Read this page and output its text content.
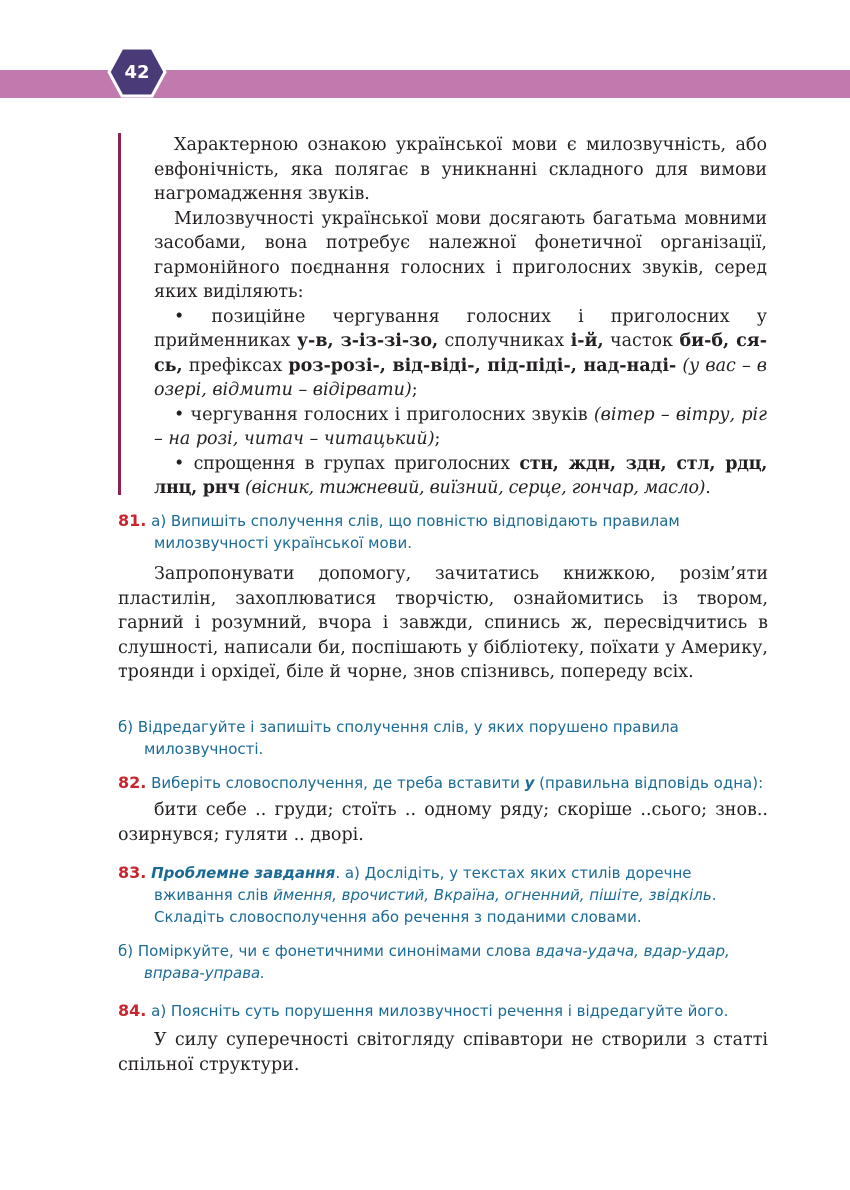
42

Характерною ознакою української мови є милозвучність, або евфонічність, яка полягає в уникнанні складного для вимови нагромадження звуків.

Милозвучності української мови досягають багатьма мовними засобами, вона потребує належної фонетичної організації, гармонійного поєднання голосних і приголосних звуків, серед яких виділяють:

• позиційне чергування голосних і приголосних у прийменниках у-в, з-із-зі-зо, сполучниках і-й, часток би-б, ся-сь, префіксах роз-розі-, від-віді-, під-піді-, над-наді- (у вас – в озері, відмити – відірвати);

• чергування голосних і приголосних звуків (вітер – вітру, ріг – на розі, читач – читацький);

• спрощення в групах приголосних стн, ждн, здн, стл, рдц, лнц, рнч (вісник, тижневий, виїзний, серце, гончар, масло).

81. а) Випишіть сполучення слів, що повністю відповідають правилам милозвучності української мови.
Запропонувати допомогу, зачитатись книжкою, розім’яти пластилін, захоплюватися творчістю, ознайомитись із твором, гарний і розумний, вчора і завжди, спинись ж, пересвідчитись в слушності, написали би, поспішають у бібліотеку, поїхати у Америку, троянди і орхідеї, біле й чорне, знов спізнивсь, попереду всіх.
б) Відредагуйте і запишіть сполучення слів, у яких порушено правила милозвучності.
82. Виберіть словосполучення, де треба вставити у (правильна відповідь одна):
бити себе .. груди; стоїть .. одному ряду; скоріше ..сього; знов.. озирнувся; гуляти .. дворі.
83. Проблемне завдання. а) Дослідіть, у текстах яких стилів доречне вживання слів ймення, врочистий, Вкраїна, огненний, пішіте, звідкіль. Складіть словосполучення або речення з поданими словами.
б) Поміркуйте, чи є фонетичними синонімами слова вдача-удача, вдар-удар, вправа-управа.
84. а) Поясніть суть порушення милозвучності речення і відредагуйте його.
У силу суперечності світогляду співавтори не створили з статті спільної структури.
